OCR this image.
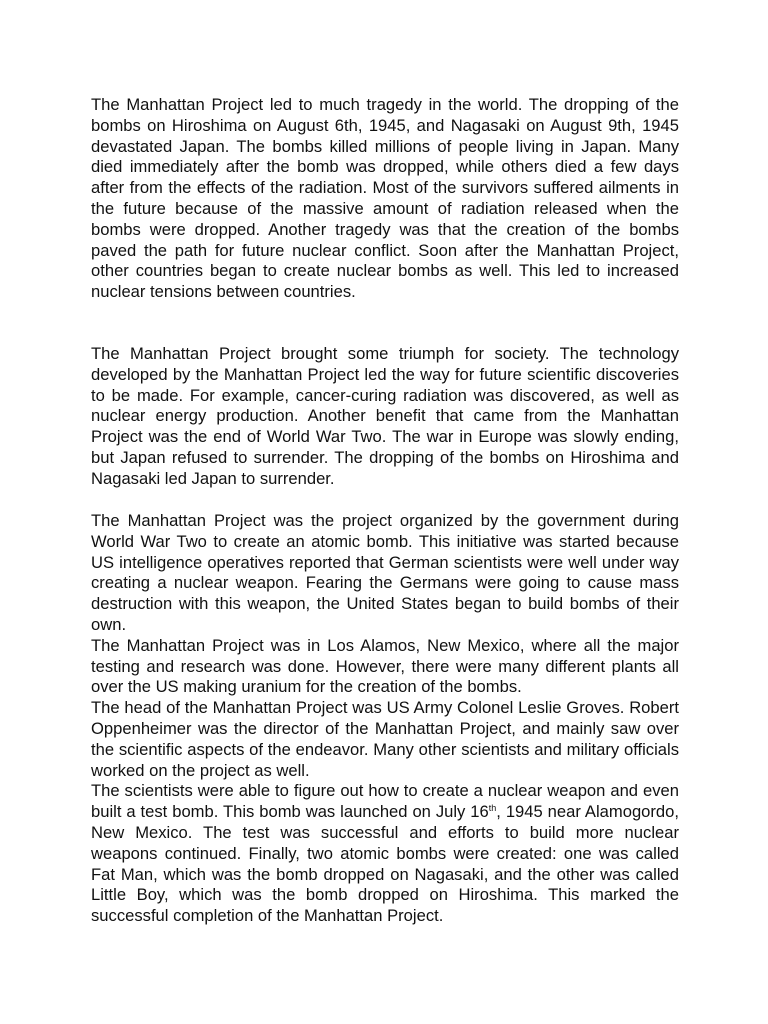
The Manhattan Project led to much tragedy in the world. The dropping of the bombs on Hiroshima on August 6th, 1945, and Nagasaki on August 9th, 1945 devastated Japan. The bombs killed millions of people living in Japan. Many died immediately after the bomb was dropped, while others died a few days after from the effects of the radiation. Most of the survivors suffered ailments in the future because of the massive amount of radiation released when the bombs were dropped. Another tragedy was that the creation of the bombs paved the path for future nuclear conflict. Soon after the Manhattan Project, other countries began to create nuclear bombs as well. This led to increased nuclear tensions between countries.

The Manhattan Project brought some triumph for society. The technology developed by the Manhattan Project led the way for future scientific discoveries to be made. For example, cancer-curing radiation was discovered, as well as nuclear energy production. Another benefit that came from the Manhattan Project was the end of World War Two. The war in Europe was slowly ending, but Japan refused to surrender. The dropping of the bombs on Hiroshima and Nagasaki led Japan to surrender.

The Manhattan Project was the project organized by the government during World War Two to create an atomic bomb. This initiative was started because US intelligence operatives reported that German scientists were well under way creating a nuclear weapon. Fearing the Germans were going to cause mass destruction with this weapon, the United States began to build bombs of their own.

The Manhattan Project was in Los Alamos, New Mexico, where all the major testing and research was done. However, there were many different plants all over the US making uranium for the creation of the bombs.

The head of the Manhattan Project was US Army Colonel Leslie Groves. Robert Oppenheimer was the director of the Manhattan Project, and mainly saw over the scientific aspects of the endeavor. Many other scientists and military officials worked on the project as well.

The scientists were able to figure out how to create a nuclear weapon and even built a test bomb. This bomb was launched on July 16th, 1945 near Alamogordo, New Mexico. The test was successful and efforts to build more nuclear weapons continued. Finally, two atomic bombs were created: one was called Fat Man, which was the bomb dropped on Nagasaki, and the other was called Little Boy, which was the bomb dropped on Hiroshima. This marked the successful completion of the Manhattan Project.
